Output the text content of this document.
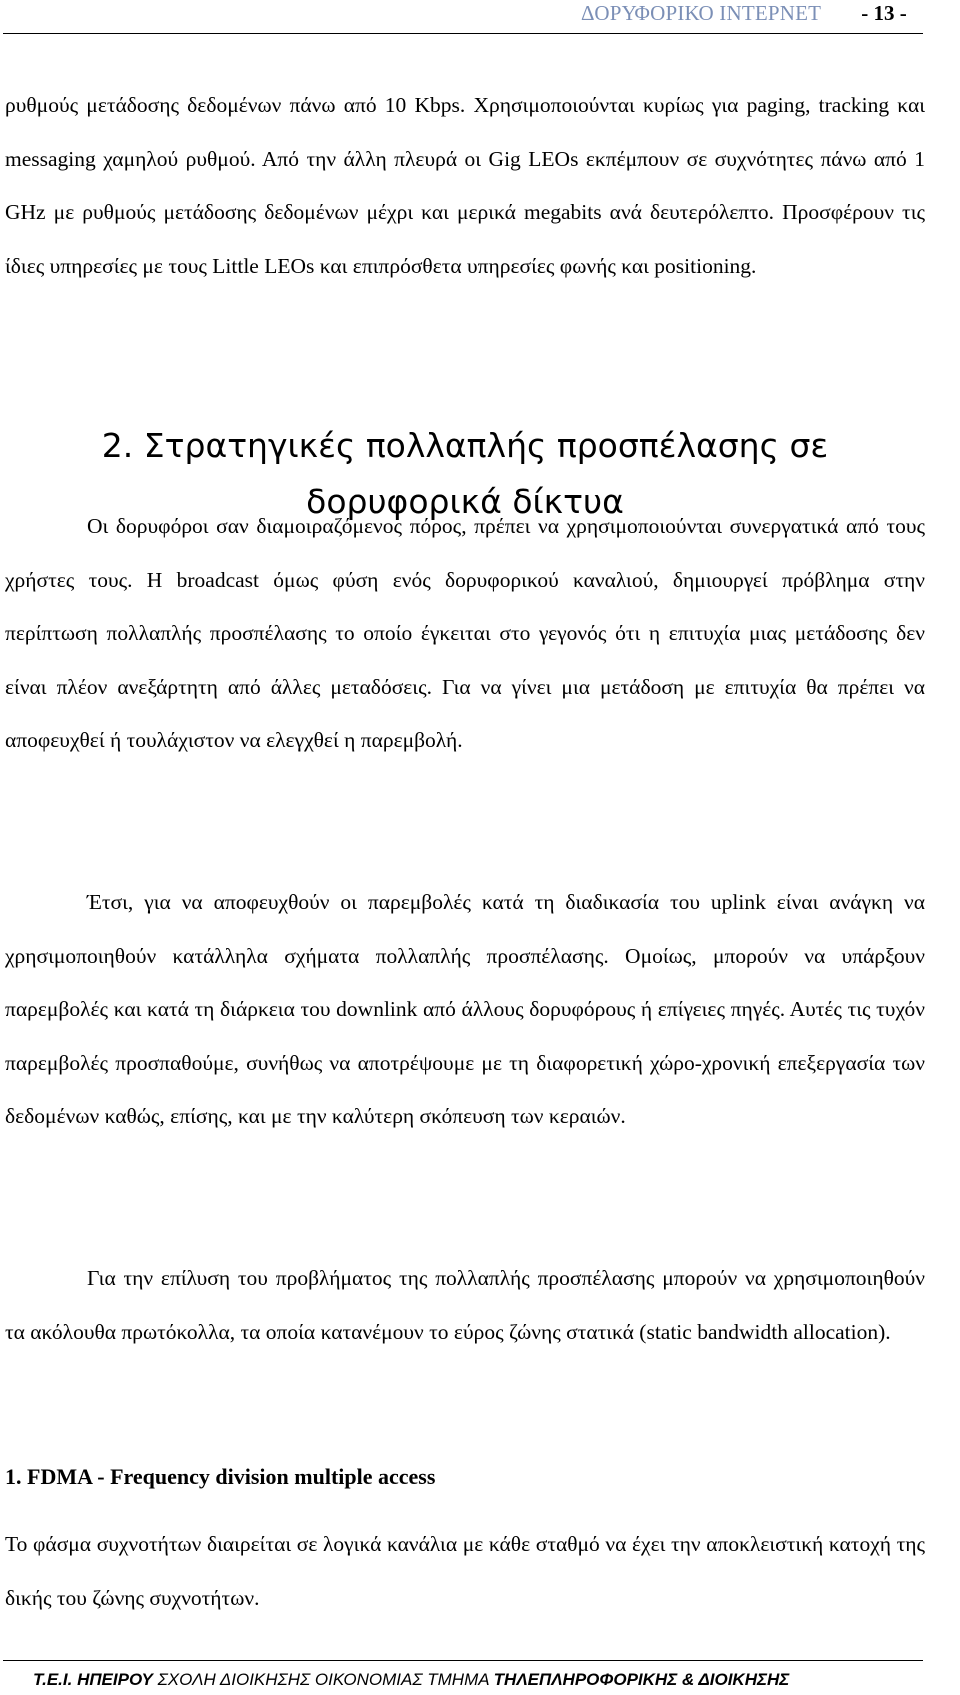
ΔΟΡΥΦΟΡΙΚΟ ΙΝΤΕΡΝΕΤ - 13 -

ρυθμούς μετάδοσης δεδομένων πάνω από 10 Kbps. Χρησιμοποιούνται κυρίως για paging, tracking και messaging χαμηλού ρυθμού. Από την άλλη πλευρά οι Gig LEOs εκπέμπουν σε συχνότητες πάνω από 1 GHz με ρυθμούς μετάδοσης δεδομένων μέχρι και μερικά megabits ανά δευτερόλεπτο. Προσφέρουν τις ίδιες υπηρεσίες με τους Little LEOs και επιπρόσθετα υπηρεσίες φωνής και positioning.

2. Στρατηγικές πολλαπλής προσπέλασης σε
δορυφορικά δίκτυα

Οι δορυφόροι σαν διαμοιραζόμενος πόρος, πρέπει να χρησιμοποιούνται συνεργατικά από τους χρήστες τους. Η broadcast όμως φύση ενός δορυφορικού καναλιού, δημιουργεί πρόβλημα στην περίπτωση πολλαπλής προσπέλασης το οποίο έγκειται στο γεγονός ότι η επιτυχία μιας μετάδοσης δεν είναι πλέον ανεξάρτητη από άλλες μεταδόσεις. Για να γίνει μια μετάδοση με επιτυχία θα πρέπει να αποφευχθεί ή τουλάχιστον να ελεγχθεί η παρεμβολή.

Έτσι, για να αποφευχθούν οι παρεμβολές κατά τη διαδικασία του uplink είναι ανάγκη να χρησιμοποιηθούν κατάλληλα σχήματα πολλαπλής προσπέλασης. Ομοίως, μπορούν να υπάρξουν παρεμβολές και κατά τη διάρκεια του downlink από άλλους δορυφόρους ή επίγειες πηγές. Αυτές τις τυχόν παρεμβολές προσπαθούμε, συνήθως να αποτρέψουμε με τη διαφορετική χώρο-χρονική επεξεργασία των δεδομένων καθώς, επίσης, και με την καλύτερη σκόπευση των κεραιών.

Για την επίλυση του προβλήματος της πολλαπλής προσπέλασης μπορούν να χρησιμοποιηθούν τα ακόλουθα πρωτόκολλα, τα οποία κατανέμουν το εύρος ζώνης στατικά (static bandwidth allocation).

1. FDMA - Frequency division multiple access

Το φάσμα συχνοτήτων διαιρείται σε λογικά κανάλια με κάθε σταθμό να έχει την αποκλειστική κατοχή της δικής του ζώνης συχνοτήτων.

T.E.I. ΗΠΕΙΡΟΥ ΣΧΟΛΗ ΔΙΟΙΚΗΣΗΣ ΟΙΚΟΝΟΜΙΑΣ ΤΜΗΜΑ ΤΗΛΕΠΛΗΡΟΦΟΡΙΚΗΣ & ΔΙΟΙΚΗΣΗΣ
